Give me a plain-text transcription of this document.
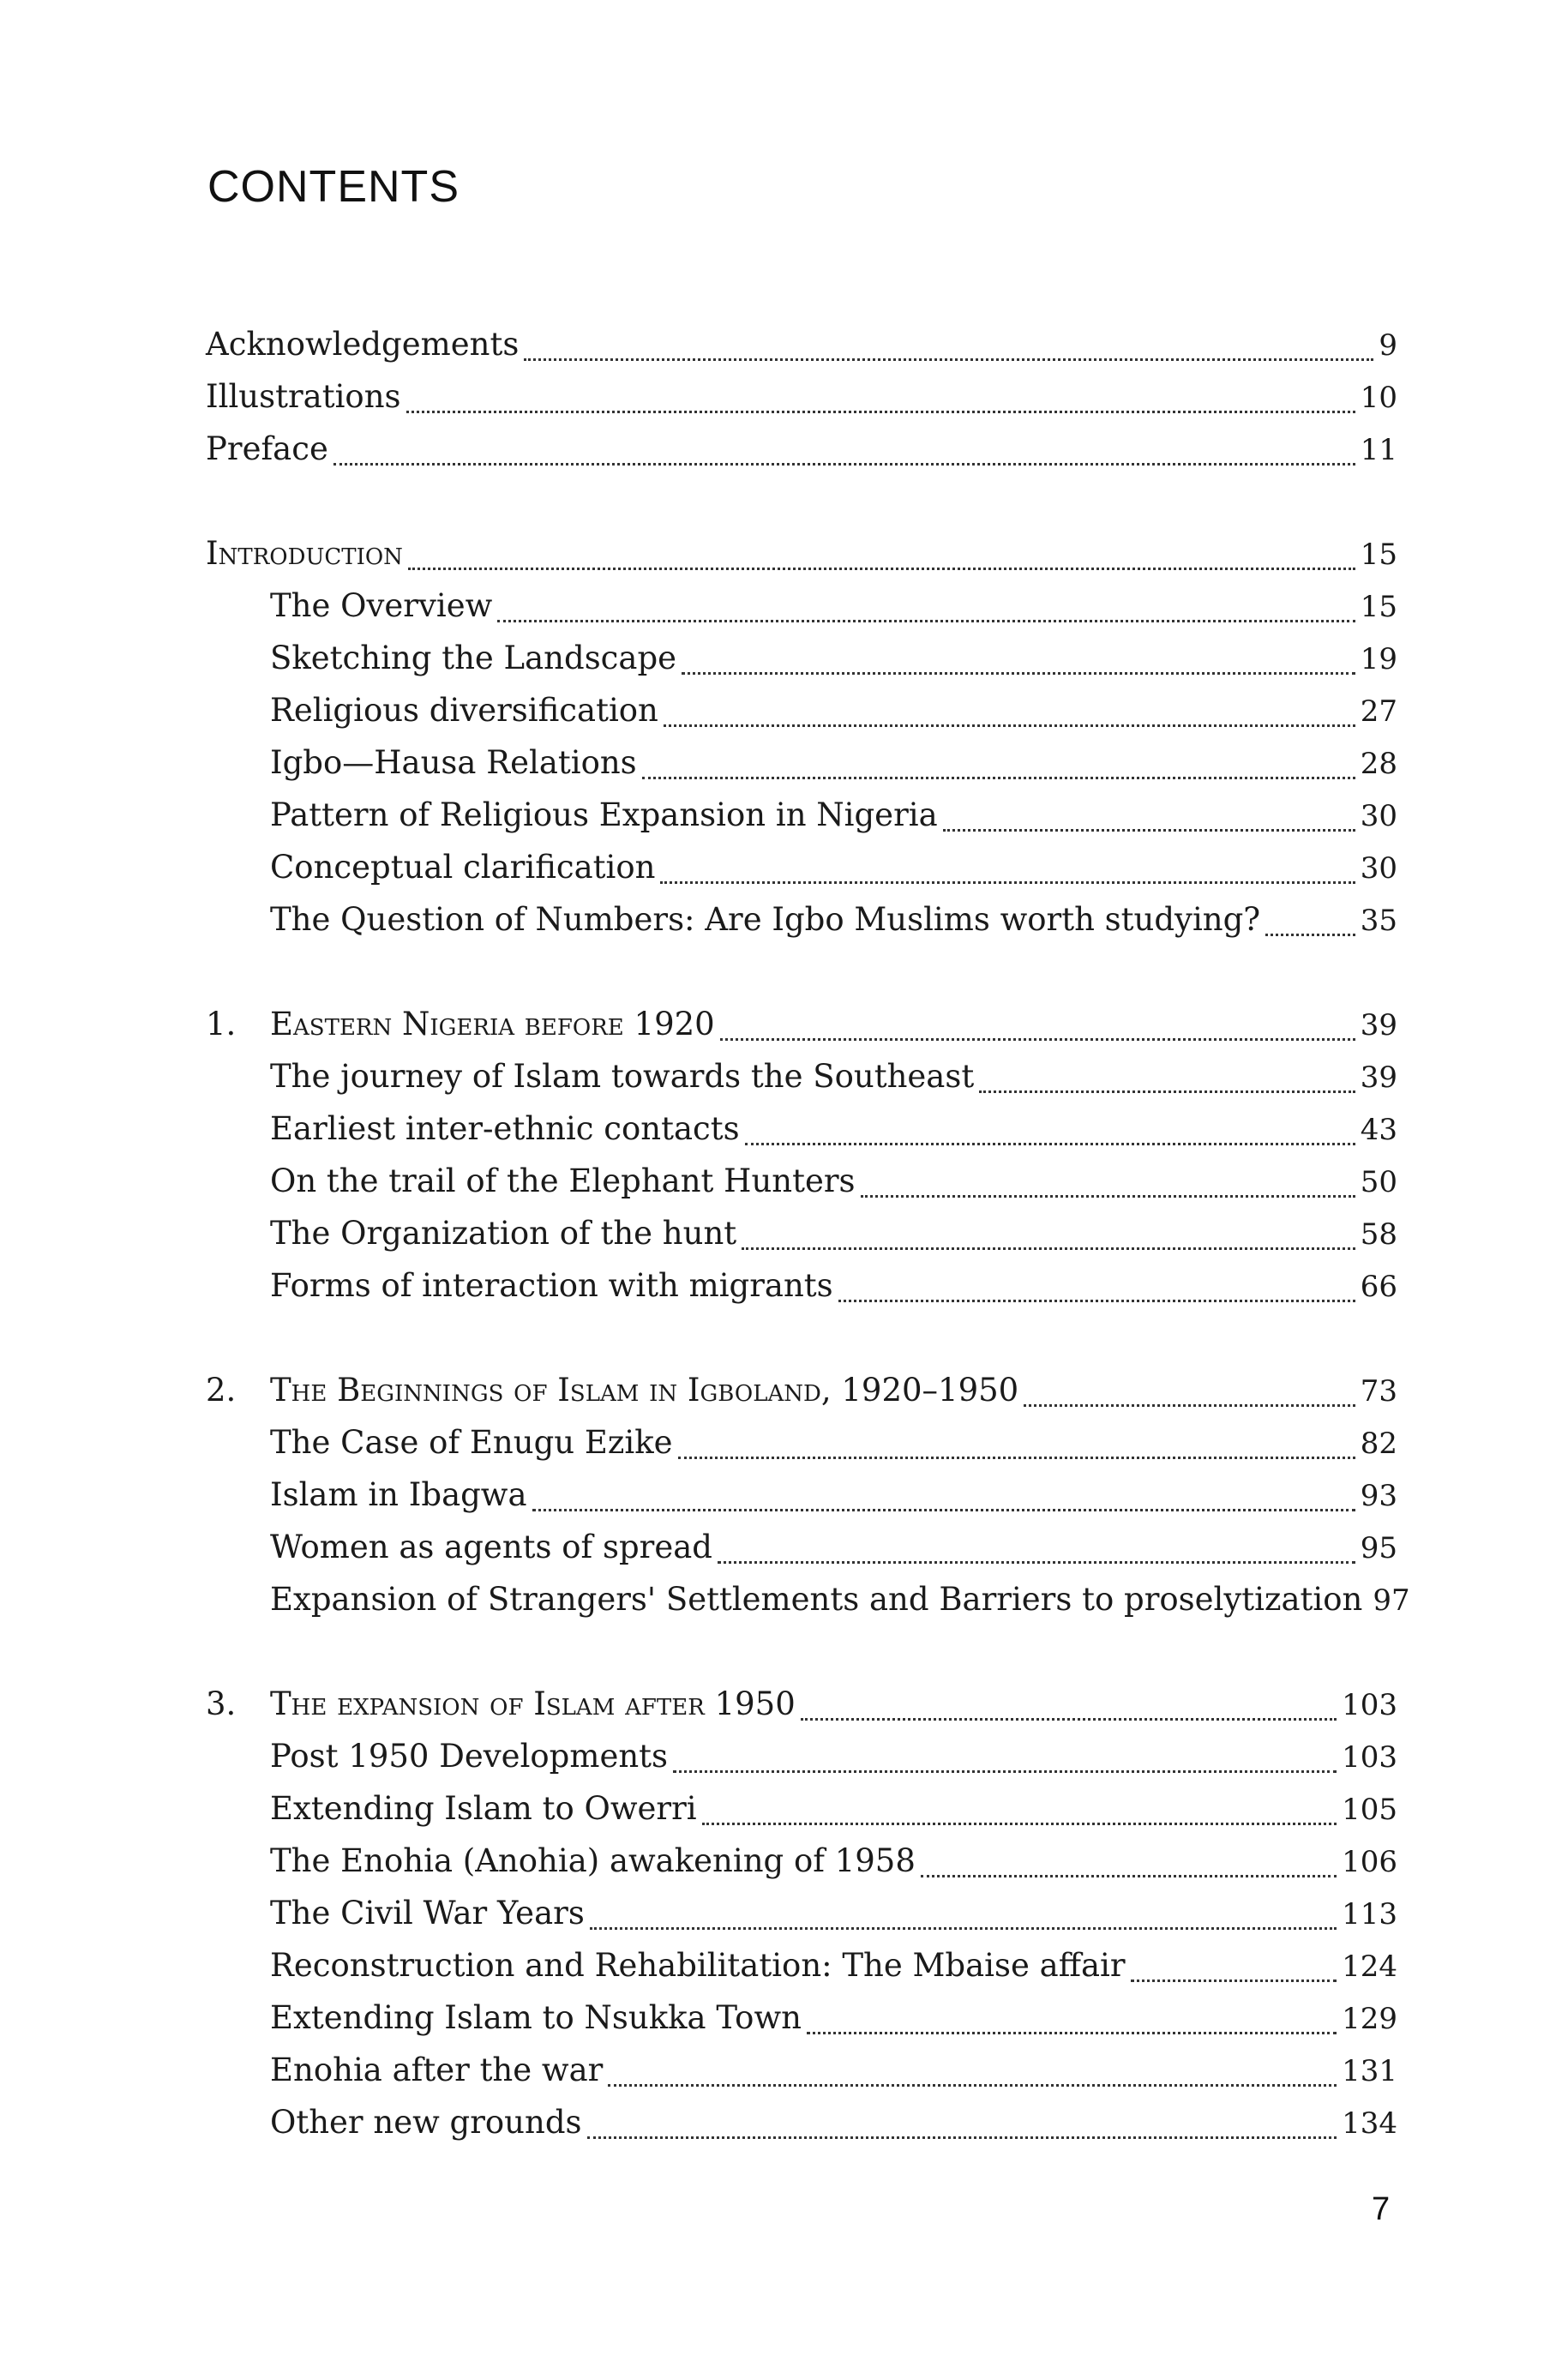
CONTENTS
Acknowledgements	9
Illustrations	10
Preface	11
Introduction	15
The Overview	15
Sketching the Landscape	19
Religious diversification	27
Igbo—Hausa Relations	28
Pattern of Religious Expansion in Nigeria	30
Conceptual clarification	30
The Question of Numbers: Are Igbo Muslims worth studying?	35
1.	Eastern Nigeria before 1920	39
The journey of Islam towards the Southeast	39
Earliest inter-ethnic contacts	43
On the trail of the Elephant Hunters	50
The Organization of the hunt	58
Forms of interaction with migrants	66
2.	The Beginnings of Islam in Igboland, 1920–1950	73
The Case of Enugu Ezike	82
Islam in Ibagwa	93
Women as agents of spread	95
Expansion of Strangers' Settlements and Barriers to proselytization 97
3.	The expansion of Islam after 1950	103
Post 1950 Developments	103
Extending Islam to Owerri	105
The Enohia (Anohia) awakening of 1958	106
The Civil War Years	113
Reconstruction and Rehabilitation: The Mbaise affair	124
Extending Islam to Nsukka Town	129
Enohia after the war	131
Other new grounds	134
7
